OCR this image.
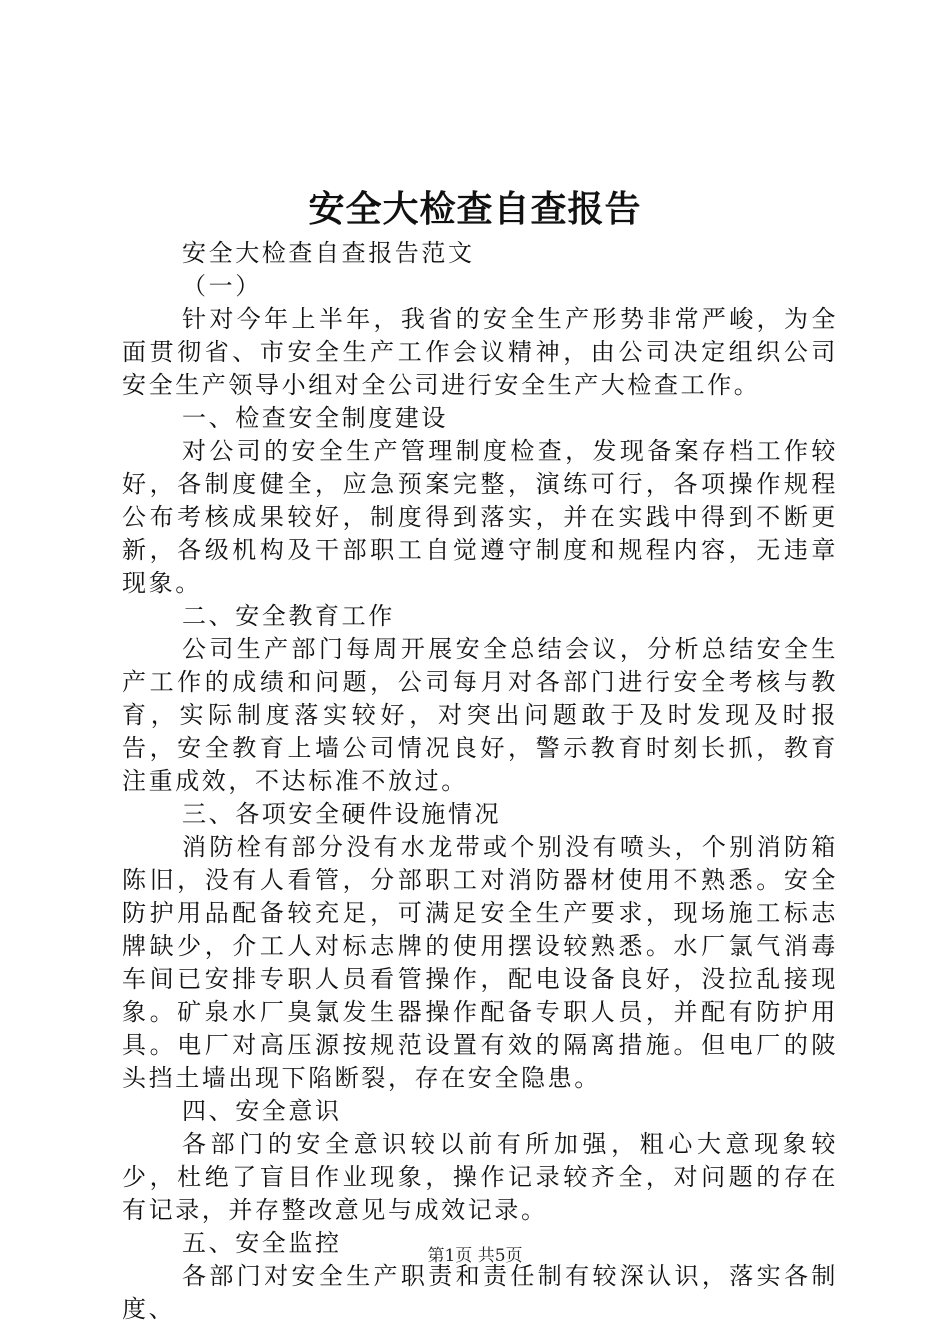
安全大检查自查报告

安全大检查自查报告范文

（一）

针对今年上半年，我省的安全生产形势非常严峻，为全面贯彻省、市安全生产工作会议精神，由公司决定组织公司安全生产领导小组对全公司进行安全生产大检查工作。

一、检查安全制度建设

对公司的安全生产管理制度检查，发现备案存档工作较好，各制度健全，应急预案完整，演练可行，各项操作规程公布考核成果较好，制度得到落实，并在实践中得到不断更新，各级机构及干部职工自觉遵守制度和规程内容，无违章现象。

二、安全教育工作

公司生产部门每周开展安全总结会议，分析总结安全生产工作的成绩和问题，公司每月对各部门进行安全考核与教育，实际制度落实较好，对突出问题敢于及时发现及时报告，安全教育上墙公司情况良好，警示教育时刻长抓，教育注重成效，不达标准不放过。

三、各项安全硬件设施情况

消防栓有部分没有水龙带或个别没有喷头，个别消防箱陈旧，没有人看管，分部职工对消防器材使用不熟悉。安全防护用品配备较充足，可满足安全生产要求，现场施工标志牌缺少，介工人对标志牌的使用摆设较熟悉。水厂氯气消毒车间已安排专职人员看管操作，配电设备良好，没拉乱接现象。矿泉水厂臭氯发生器操作配备专职人员，并配有防护用具。电厂对高压源按规范设置有效的隔离措施。但电厂的陂头挡土墙出现下陷断裂，存在安全隐患。

四、安全意识

各部门的安全意识较以前有所加强，粗心大意现象较少，杜绝了盲目作业现象，操作记录较齐全，对问题的存在有记录，并存整改意见与成效记录。

五、安全监控

各部门对安全生产职责和责任制有较深认识，落实各制度、

第1页 共5页
